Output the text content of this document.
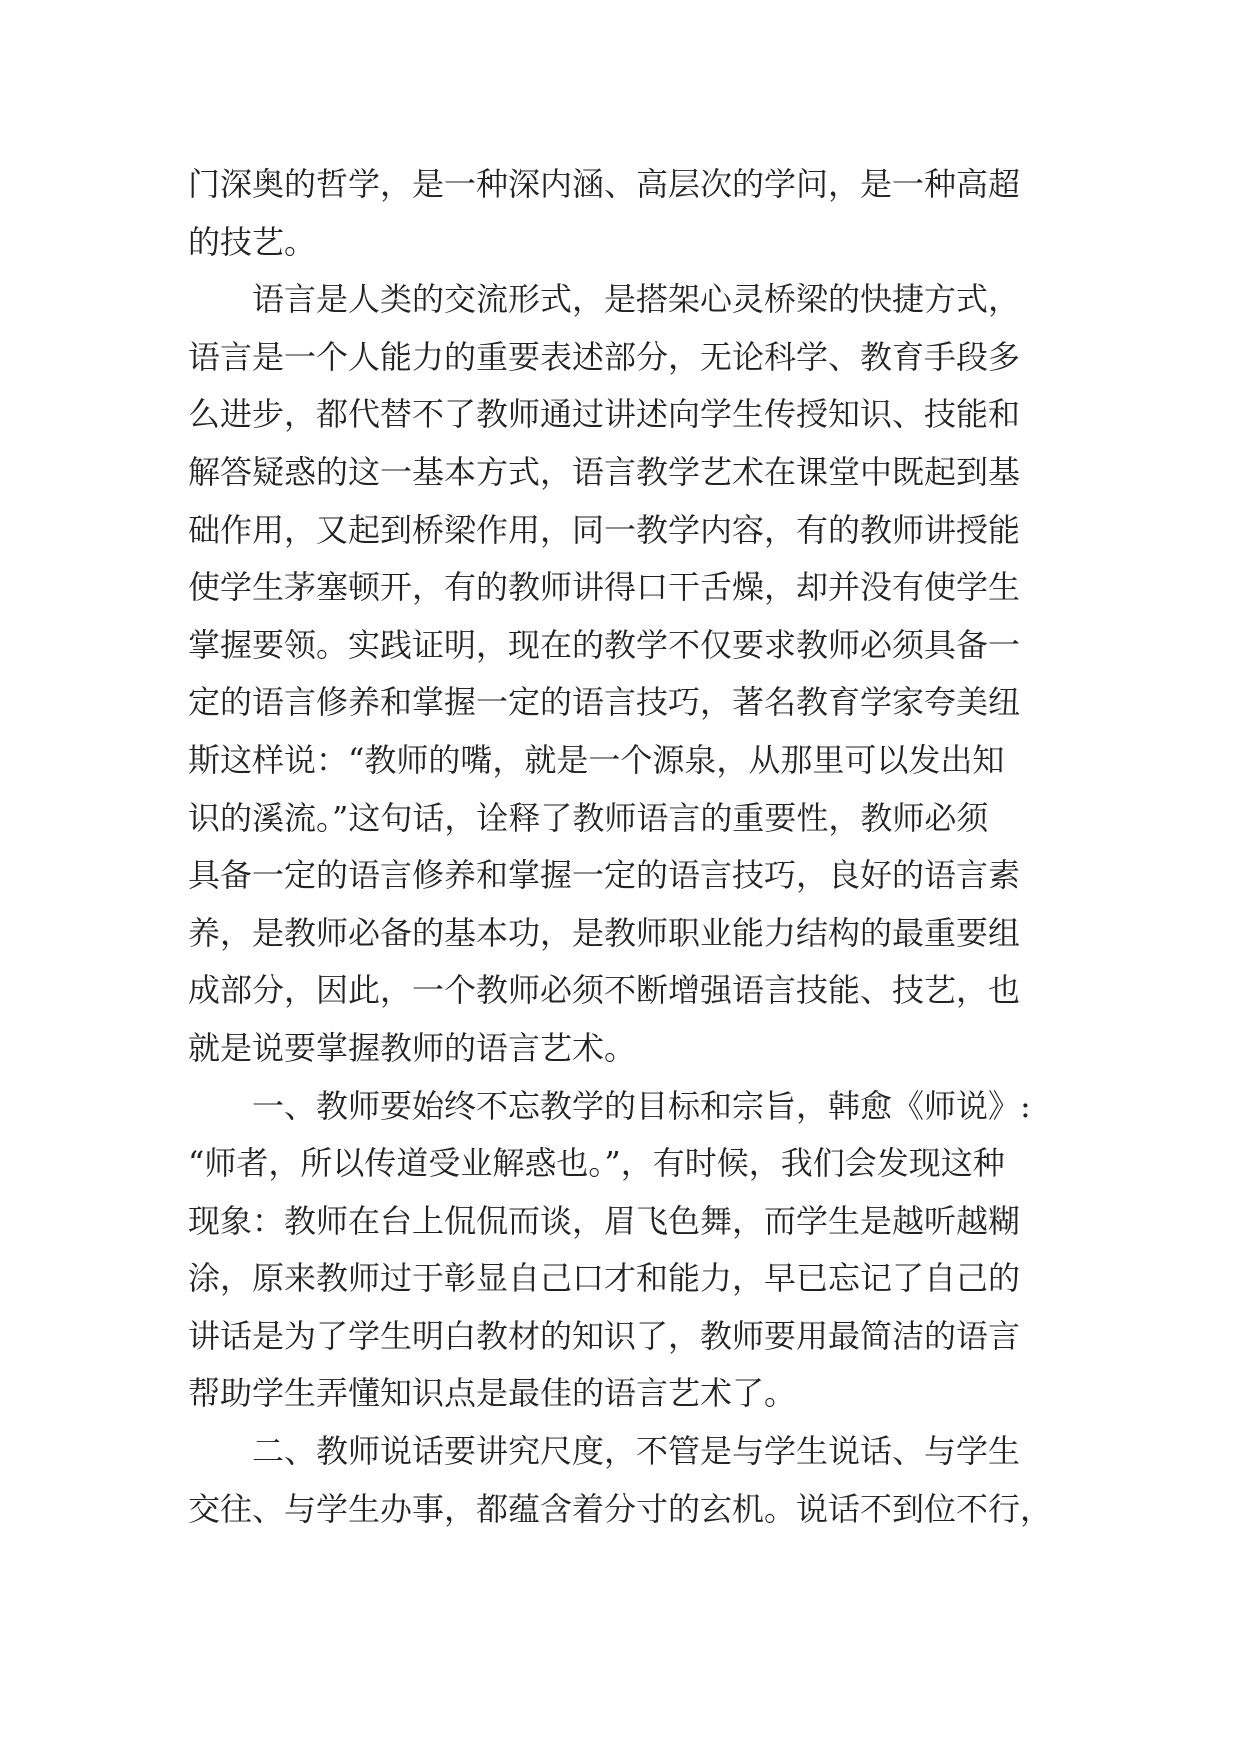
门深奥的哲学，是一种深内涵、高层次的学问，是一种高超
的技艺。
语言是人类的交流形式，是搭架心灵桥梁的快捷方式，
语言是一个人能力的重要表述部分，无论科学、教育手段多
么进步，都代替不了教师通过讲述向学生传授知识、技能和
解答疑惑的这一基本方式，语言教学艺术在课堂中既起到基
础作用，又起到桥梁作用，同一教学内容，有的教师讲授能
使学生茅塞顿开，有的教师讲得口干舌燥，却并没有使学生
掌握要领。实践证明，现在的教学不仅要求教师必须具备一
定的语言修养和掌握一定的语言技巧，著名教育学家夸美纽
斯这样说：“教师的嘴，就是一个源泉，从那里可以发出知
识的溪流。”这句话，诠释了教师语言的重要性，教师必须
具备一定的语言修养和掌握一定的语言技巧，良好的语言素
养，是教师必备的基本功，是教师职业能力结构的最重要组
成部分，因此，一个教师必须不断增强语言技能、技艺，也
就是说要掌握教师的语言艺术。
一、教师要始终不忘教学的目标和宗旨，韩愈《师说》:
“师者，所以传道受业解惑也。”，有时候，我们会发现这种
现象：教师在台上侃侃而谈，眉飞色舞，而学生是越听越糊
涂，原来教师过于彰显自己口才和能力，早已忘记了自己的
讲话是为了学生明白教材的知识了，教师要用最简洁的语言
帮助学生弄懂知识点是最佳的语言艺术了。
二、教师说话要讲究尺度，不管是与学生说话、与学生
交往、与学生办事，都蕴含着分寸的玄机。说话不到位不行，
